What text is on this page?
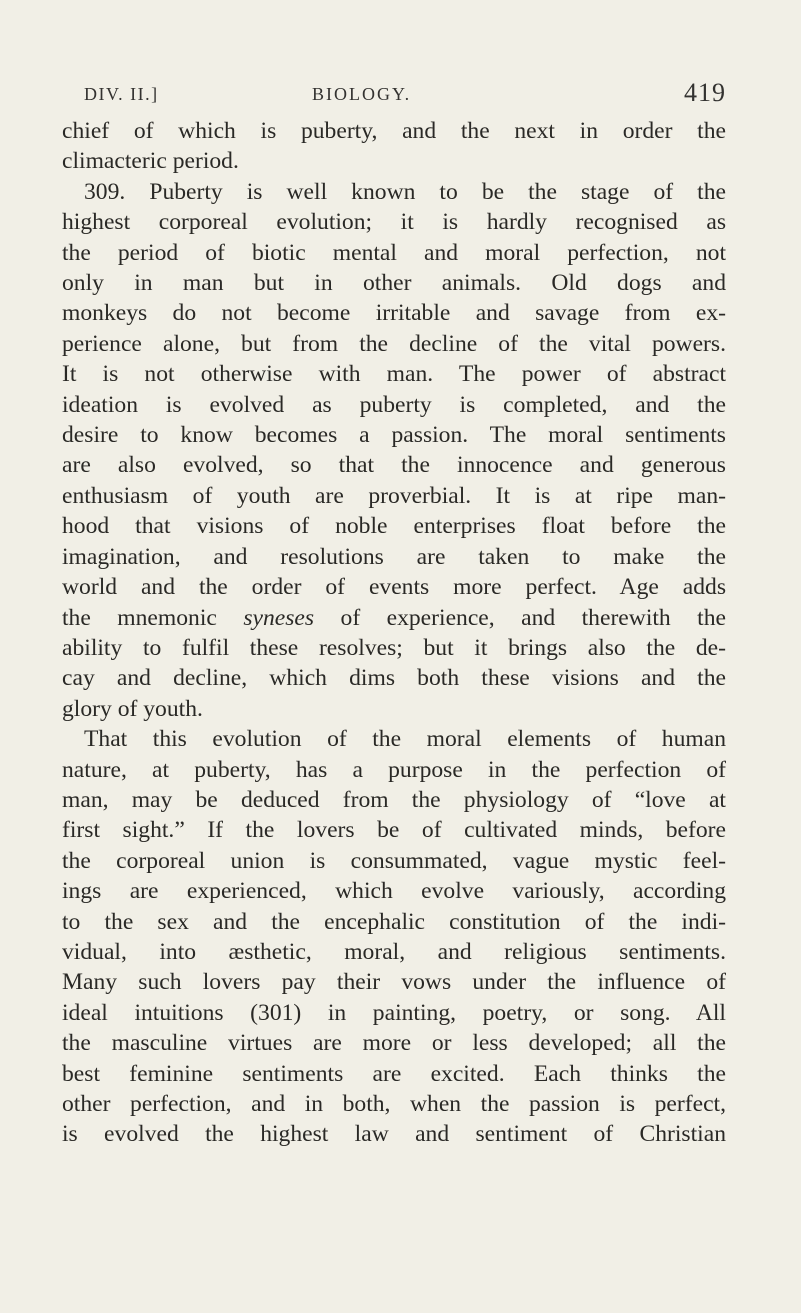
DIV. II.]	BIOLOGY.	419
chief of which is puberty, and the next in order the
climacteric period.
309. Puberty is well known to be the stage of the
highest corporeal evolution; it is hardly recognised as
the period of biotic mental and moral perfection, not
only in man but in other animals. Old dogs and
monkeys do not become irritable and savage from ex-
perience alone, but from the decline of the vital powers.
It is not otherwise with man. The power of abstract
ideation is evolved as puberty is completed, and the
desire to know becomes a passion. The moral sentiments
are also evolved, so that the innocence and generous
enthusiasm of youth are proverbial. It is at ripe man-
hood that visions of noble enterprises float before the
imagination, and resolutions are taken to make the
world and the order of events more perfect. Age adds
the mnemonic syneses of experience, and therewith the
ability to fulfil these resolves; but it brings also the de-
cay and decline, which dims both these visions and the
glory of youth.
That this evolution of the moral elements of human
nature, at puberty, has a purpose in the perfection of
man, may be deduced from the physiology of “love at
first sight.” If the lovers be of cultivated minds, before
the corporeal union is consummated, vague mystic feel-
ings are experienced, which evolve variously, according
to the sex and the encephalic constitution of the indi-
vidual, into æsthetic, moral, and religious sentiments.
Many such lovers pay their vows under the influence of
ideal intuitions (301) in painting, poetry, or song. All
the masculine virtues are more or less developed; all the
best feminine sentiments are excited. Each thinks the
other perfection, and in both, when the passion is perfect,
is evolved the highest law and sentiment of Christian
